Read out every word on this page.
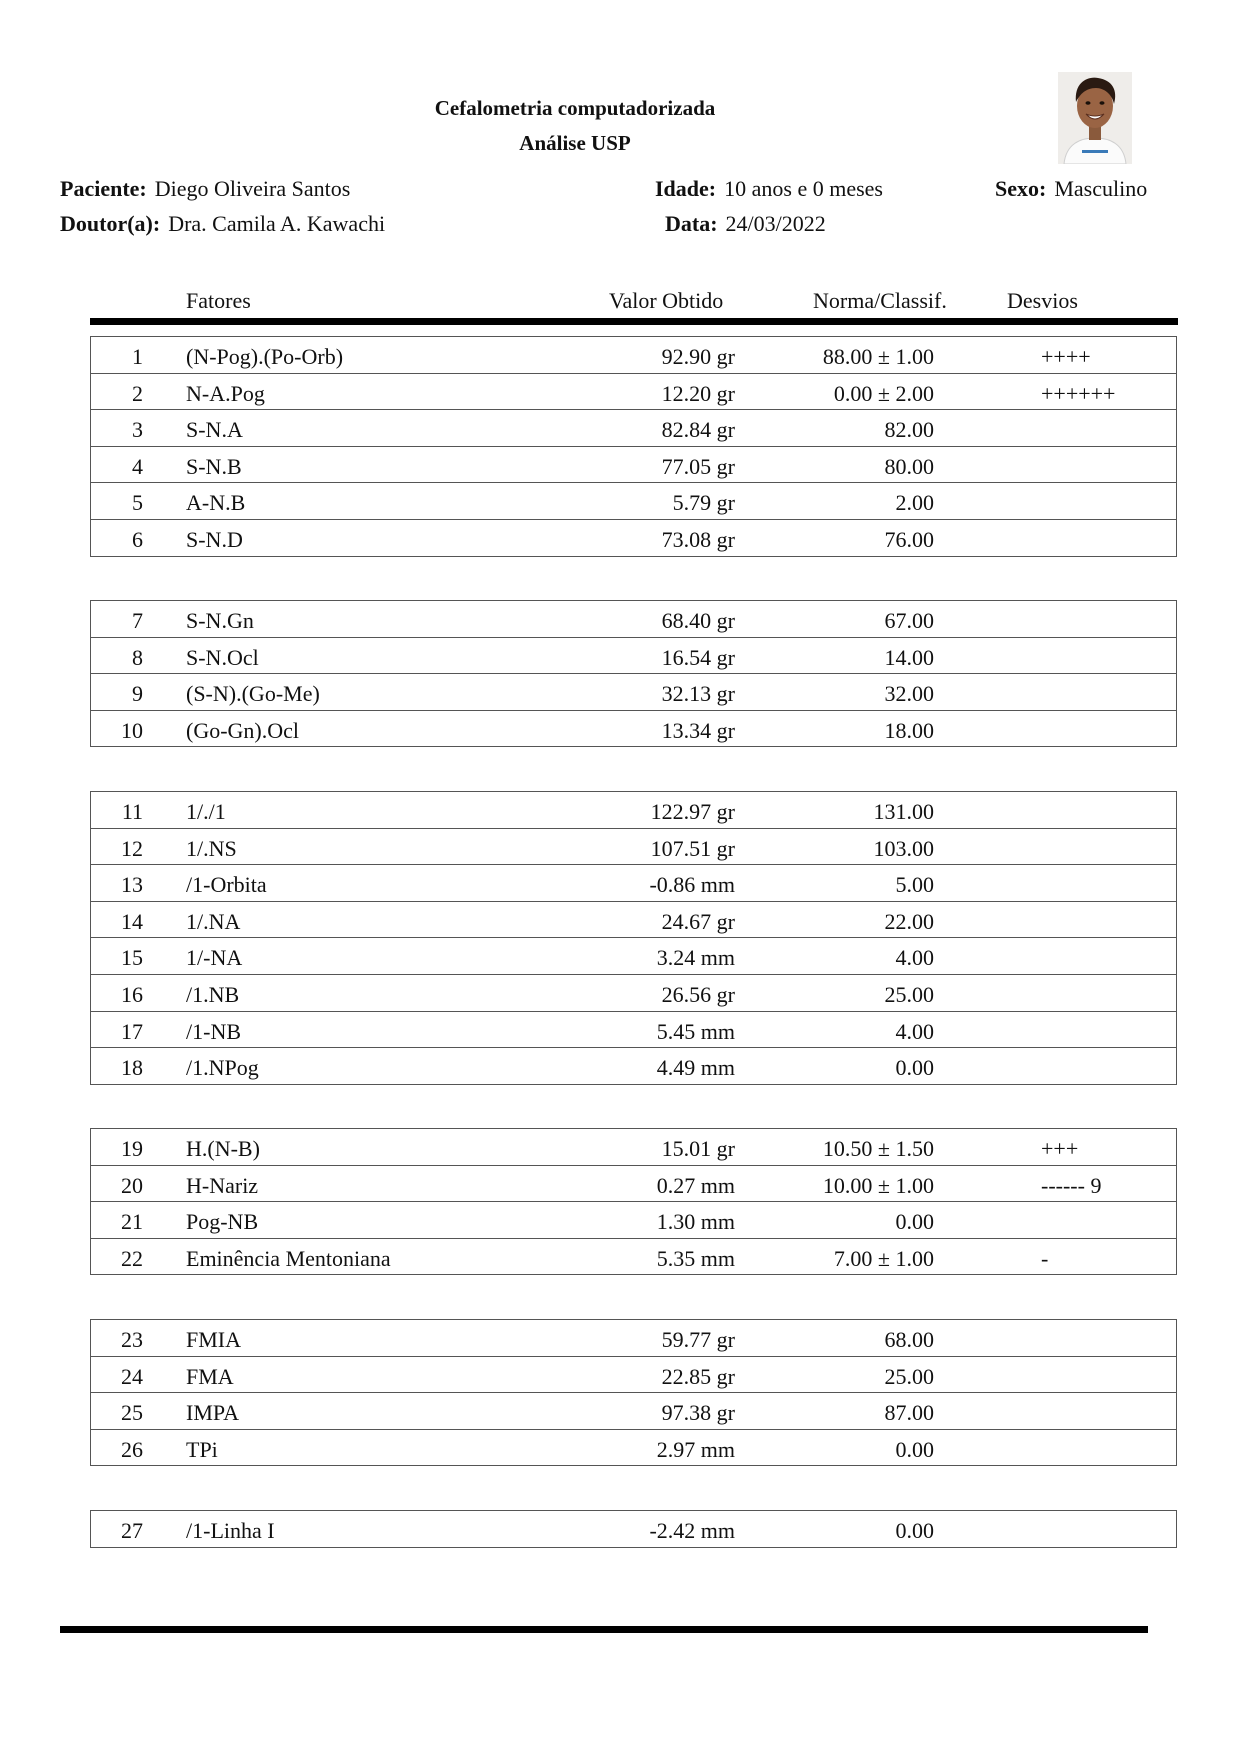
Cefalometria computadorizada
Análise USP
Paciente: Diego Oliveira Santos
Doutor(a): Dra. Camila A. Kawachi
Idade: 10 anos e 0 meses
Data: 24/03/2022
Sexo: Masculino
Fatores	Valor Obtido	Norma/Classif.	Desvios
1 (N-Pog).(Po-Orb)	92.90 gr	88.00 ± 1.00	++++
2 N-A.Pog	12.20 gr	0.00 ± 2.00	++++++
3 S-N.A	82.84 gr	82.00
4 S-N.B	77.05 gr	80.00
5 A-N.B	5.79 gr	2.00
6 S-N.D	73.08 gr	76.00
7 S-N.Gn	68.40 gr	67.00
8 S-N.Ocl	16.54 gr	14.00
9 (S-N).(Go-Me)	32.13 gr	32.00
10 (Go-Gn).Ocl	13.34 gr	18.00
11 1/./1	122.97 gr	131.00
12 1/.NS	107.51 gr	103.00
13 /1-Orbita	-0.86 mm	5.00
14 1/.NA	24.67 gr	22.00
15 1/-NA	3.24 mm	4.00
16 /1.NB	26.56 gr	25.00
17 /1-NB	5.45 mm	4.00
18 /1.NPog	4.49 mm	0.00
19 H.(N-B)	15.01 gr	10.50 ± 1.50	+++
20 H-Nariz	0.27 mm	10.00 ± 1.00	------ 9
21 Pog-NB	1.30 mm	0.00
22 Eminência Mentoniana	5.35 mm	7.00 ± 1.00	-
23 FMIA	59.77 gr	68.00
24 FMA	22.85 gr	25.00
25 IMPA	97.38 gr	87.00
26 TPi	2.97 mm	0.00
27 /1-Linha I	-2.42 mm	0.00
